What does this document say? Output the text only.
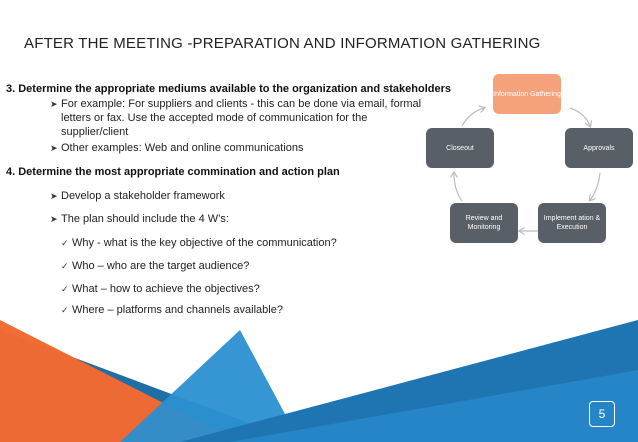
AFTER THE MEETING -PREPARATION AND INFORMATION GATHERING
3. Determine the appropriate mediums available to the organization and stakeholders
➤ For example: For suppliers and clients - this can be done via email, formal
letters or fax. Use the accepted mode of communication for the
supplier/client
➤ Other examples: Web and online communications
4. Determine the most appropriate commination and action plan
➤ Develop a stakeholder framework
➤ The plan should include the 4 W’s:
✓ Why - what is the key objective of the communication?
✓ Who – who are the target audience?
✓ What – how to achieve the objectives?
✓ Where – platforms and channels available?
Information Gathering
Approvals
Implement ation & Execution
Review and Monitoring
Closeout
5
